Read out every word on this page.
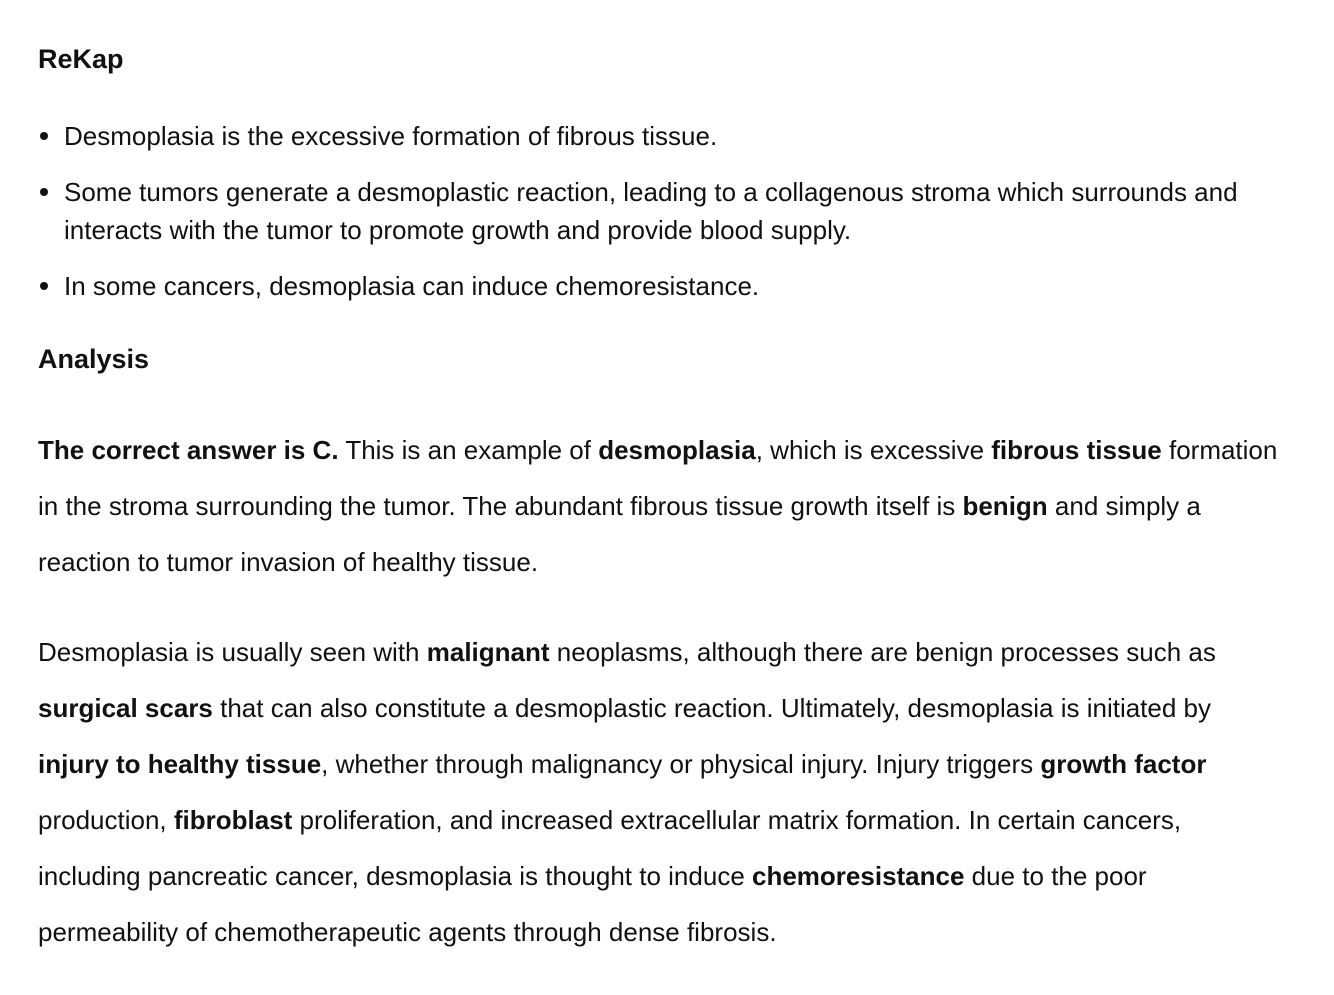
ReKap
Desmoplasia is the excessive formation of fibrous tissue.
Some tumors generate a desmoplastic reaction, leading to a collagenous stroma which surrounds and interacts with the tumor to promote growth and provide blood supply.
In some cancers, desmoplasia can induce chemoresistance.
Analysis

The correct answer is C. This is an example of desmoplasia, which is excessive fibrous tissue formation in the stroma surrounding the tumor. The abundant fibrous tissue growth itself is benign and simply a reaction to tumor invasion of healthy tissue.

Desmoplasia is usually seen with malignant neoplasms, although there are benign processes such as surgical scars that can also constitute a desmoplastic reaction. Ultimately, desmoplasia is initiated by injury to healthy tissue, whether through malignancy or physical injury. Injury triggers growth factor production, fibroblast proliferation, and increased extracellular matrix formation. In certain cancers, including pancreatic cancer, desmoplasia is thought to induce chemoresistance due to the poor permeability of chemotherapeutic agents through dense fibrosis.
